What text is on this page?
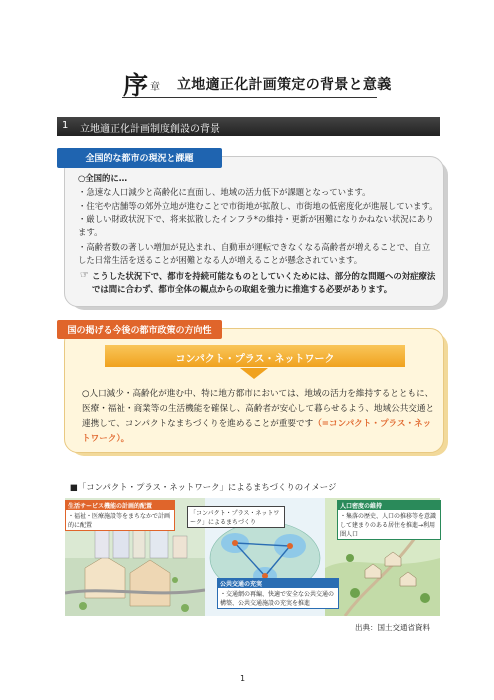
序 章 立地適正化計画策定の背景と意義
1 立地適正化計画制度創設の背景
全国的な都市の現況と課題
○全国的に…
・急速な人口減少と高齢化に直面し、地域の活力低下が課題となっています。
・住宅や店舗等の郊外立地が進むことで市街地が拡散し、市街地の低密度化が進展しています。
・厳しい財政状況下で、将来拡散したインフラ*の維持・更新が困難になりかねない状況にあります。
・高齢者数の著しい増加が見込まれ、自動車が運転できなくなる高齢者が増えることで、自立した日常生活を送ることが困難となる人が増えることが懸念されています。
☞ こうした状況下で、都市を持続可能なものとしていくためには、部分的な問題への対症療法では間に合わず、都市全体の観点からの取組を強力に推進する必要があります。
国の掲げる今後の都市政策の方向性
コンパクト・プラス・ネットワーク
○人口減少・高齢化が進む中、特に地方都市においては、地域の活力を維持するとともに、医療・福祉・商業等の生活機能を確保し、高齢者が安心して暮らせるよう、地域公共交通と連携して、コンパクトなまちづくりを進めることが重要です（=コンパクト・プラス・ネットワーク）。
■「コンパクト・プラス・ネットワーク」によるまちづくりのイメージ
生活サービス機能の計画的配置
・福祉・医療施設等をまちなかで計画的に配置
「コンパクト・プラス・ネットワーク」によるまちづくり
人口密度の維持
・集落の歴史、人口の推移等を意識して建まりのある居住を推進→利用圏人口
公共交通の充実
・交通網の再編、快適で安全な公共交通の構築、公共交通施設の充実を推進
出典：国土交通省資料
1
